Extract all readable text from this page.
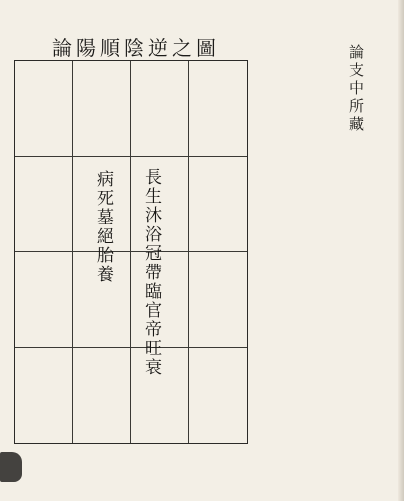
論陽順陰逆之圖
病死墓絕胎養 長生沐浴冠帶臨官帝旺衰
論支中所藏
